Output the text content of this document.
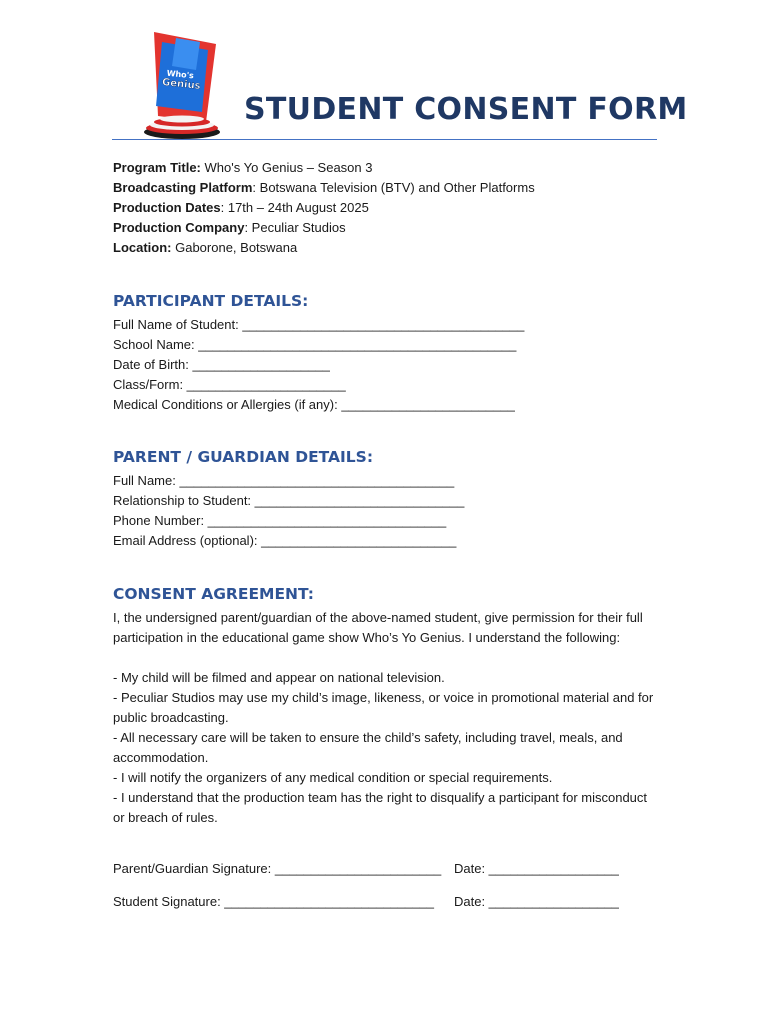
Who's
Genius
STUDENT CONSENT FORM
Program Title: Who's Yo Genius – Season 3
Broadcasting Platform: Botswana Television (BTV) and Other Platforms
Production Dates: 17th – 24th August 2025
Production Company: Peculiar Studios
Location: Gaborone, Botswana
PARTICIPANT DETAILS:
Full Name of Student: _______________________________________
School Name: ____________________________________________
Date of Birth: ___________________
Class/Form: ______________________
Medical Conditions or Allergies (if any): ________________________
PARENT / GUARDIAN DETAILS:
Full Name: ______________________________________
Relationship to Student: _____________________________
Phone Number: _________________________________
Email Address (optional): ___________________________
CONSENT AGREEMENT:

I, the undersigned parent/guardian of the above-named student, give permission for their full participation in the educational game show Who’s Yo Genius. I understand the following:

- My child will be filmed and appear on national television.

- Peculiar Studios may use my child’s image, likeness, or voice in promotional material and for public broadcasting.

- All necessary care will be taken to ensure the child’s safety, including travel, meals, and accommodation.

- I will notify the organizers of any medical condition or special requirements.

- I understand that the production team has the right to disqualify a participant for misconduct or breach of rules.

Parent/Guardian Signature: _______________________ Date: __________________
Student Signature: _____________________________ Date: __________________
